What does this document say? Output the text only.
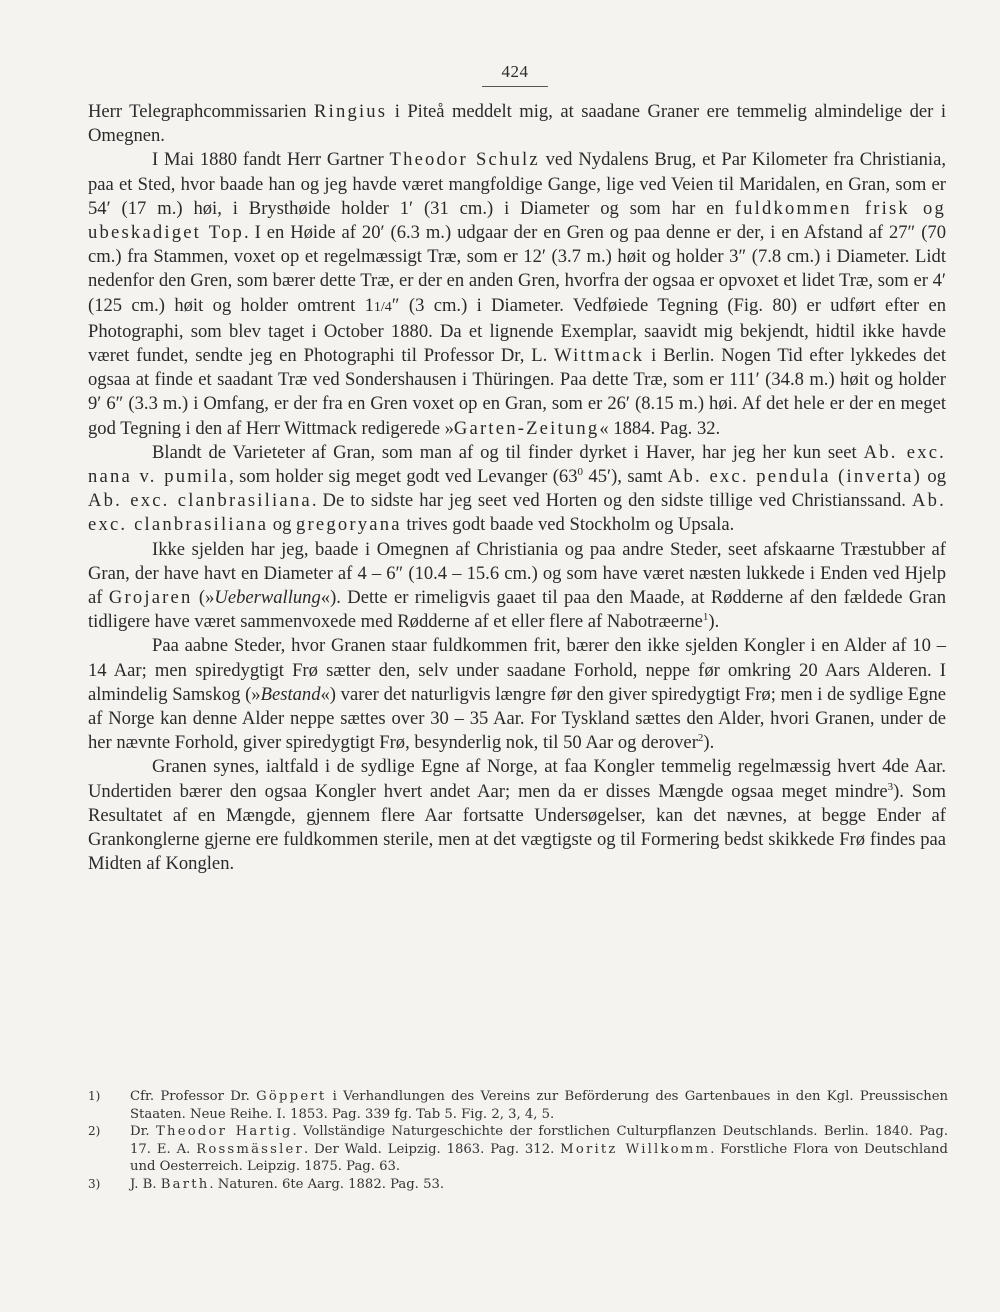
424

Herr Telegraphcommissarien Ringius i Piteå meddelt mig, at saadane Graner ere temmelig almindelige der i Omegnen.

I Mai 1880 fandt Herr Gartner Theodor Schulz ved Nydalens Brug, et Par Kilometer fra Christiania, paa et Sted, hvor baade han og jeg havde været mangfoldige Gange, lige ved Veien til Maridalen, en Gran, som er 54′ (17 m.) høi, i Brysthøide holder 1′ (31 cm.) i Diameter og som har en fuldkommen frisk og ubeskadiget Top. I en Høide af 20′ (6.3 m.) udgaar der en Gren og paa denne er der, i en Afstand af 27″ (70 cm.) fra Stammen, voxet op et regelmæssigt Træ, som er 12′ (3.7 m.) høit og holder 3″ (7.8 cm.) i Diameter. Lidt nedenfor den Gren, som bærer dette Træ, er der en anden Gren, hvorfra der ogsaa er opvoxet et lidet Træ, som er 4′ (125 cm.) høit og holder omtrent 11/4″ (3 cm.) i Diameter. Vedføiede Tegning (Fig. 80) er udført efter en Photographi, som blev taget i October 1880. Da et lignende Exemplar, saavidt mig bekjendt, hidtil ikke havde været fundet, sendte jeg en Photographi til Professor Dr, L. Wittmack i Berlin. Nogen Tid efter lykkedes det ogsaa at finde et saadant Træ ved Sondershausen i Thüringen. Paa dette Træ, som er 111′ (34.8 m.) høit og holder 9′ 6″ (3.3 m.) i Omfang, er der fra en Gren voxet op en Gran, som er 26′ (8.15 m.) høi. Af det hele er der en meget god Tegning i den af Herr Wittmack redigerede »Garten-Zeitung« 1884. Pag. 32.

Blandt de Varieteter af Gran, som man af og til finder dyrket i Haver, har jeg her kun seet Ab. exc. nana v. pumila, som holder sig meget godt ved Levanger ($63^0$ 45′), samt Ab. exc. pendula (inverta) og Ab. exc. clanbrasiliana. De to sidste har jeg seet ved Horten og den sidste tillige ved Christianssand. Ab. exc. clanbrasiliana og gregoryana trives godt baade ved Stockholm og Upsala.

Ikke sjelden har jeg, baade i Omegnen af Christiania og paa andre Steder, seet afskaarne Træstubber af Gran, der have havt en Diameter af 4 – 6″ (10.4 – 15.6 cm.) og som have været næsten lukkede i Enden ved Hjelp af Grojaren (»Ueberwallung«). Dette er rimeligvis gaaet til paa den Maade, at Rødderne af den fældede Gran tidligere have været sammenvoxede med Rødderne af et eller flere af Nabotræerne$^1$).

Paa aabne Steder, hvor Granen staar fuldkommen frit, bærer den ikke sjelden Kongler i en Alder af 10 – 14 Aar; men spiredygtigt Frø sætter den, selv under saadane Forhold, neppe før omkring 20 Aars Alderen. I almindelig Samskog (»Bestand«) varer det naturligvis længre før den giver spiredygtigt Frø; men i de sydlige Egne af Norge kan denne Alder neppe sættes over 30 – 35 Aar. For Tyskland sættes den Alder, hvori Granen, under de her nævnte Forhold, giver spiredygtigt Frø, besynderlig nok, til 50 Aar og derover$^2$).

Granen synes, ialtfald i de sydlige Egne af Norge, at faa Kongler temmelig regelmæssig hvert 4de Aar. Undertiden bærer den ogsaa Kongler hvert andet Aar; men da er disses Mængde ogsaa meget mindre$^3$). Som Resultatet af en Mængde, gjennem flere Aar fortsatte Undersøgelser, kan det nævnes, at begge Ender af Grankonglerne gjerne ere fuldkommen sterile, men at det vægtigste og til Formering bedst skikkede Frø findes paa Midten af Konglen.

1) Cfr. Professor Dr. Göppert i Verhandlungen des Vereins zur Beförderung des Gartenbaues in den Kgl. Preussischen Staaten. Neue Reihe. I. 1853. Pag. 339 fg. Tab 5. Fig. 2, 3, 4, 5.

2) Dr. Theodor Hartig. Vollständige Naturgeschichte der forstlichen Culturpflanzen Deutschlands. Berlin. 1840. Pag. 17. E. A. Rossmässler. Der Wald. Leipzig. 1863. Pag. 312. Moritz Willkomm. Forstliche Flora von Deutschland und Oesterreich. Leipzig. 1875. Pag. 63.

3) J. B. Barth. Naturen. 6te Aarg. 1882. Pag. 53.
